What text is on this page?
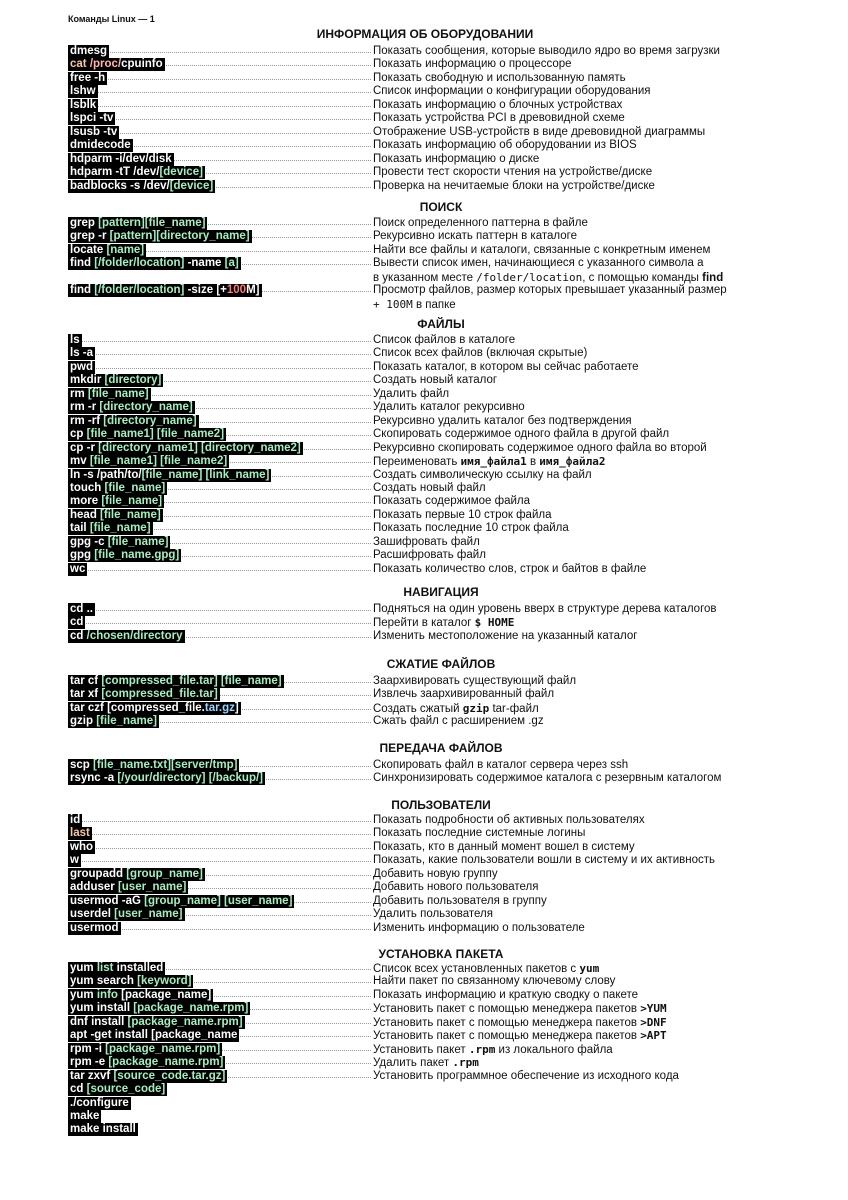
Команды Linux — 1
ИНФОРМАЦИЯ ОБ ОБОРУДОВАНИИ
dmesg	Показать сообщения, которые выводило ядро во время загрузки
cat /proc/cpuinfo	Показать информацию о процессоре
free -h	Показать свободную и использованную память
lshw	Список информации о конфигурации оборудования
lsblk	Показать информацию о блочных устройствах
lspci -tv	Показать устройства PCI в древовидной схеме
lsusb -tv	Отображение USB-устройств в виде древовидной диаграммы
dmidecode	Показать информацию об оборудовании из BIOS
hdparm -i/dev/disk	Показать информацию о диске
hdparm -tT /dev/[device]	Провести тест скорости чтения на устройстве/диске
badblocks -s /dev/[device]	Проверка на нечитаемые блоки на устройстве/диске
ПОИСК
grep [pattern][file_name]	Поиск определенного паттерна в файле
grep -r [pattern][directory_name]	Рекурсивно искать паттерн в каталоге
locate [name]	Найти все файлы и каталоги, связанные с конкретным именем
find [/folder/location] -name [a]	Вывести список имен, начинающиеся с указанного символа a
в указанном месте /folder/location, с помощью команды find
find [/folder/location] -size [+100M]	Просмотр файлов, размер которых превышает указанный размер
+ 100M в папке
ФАЙЛЫ
ls	Список файлов в каталоге
ls -a	Список всех файлов (включая скрытые)
pwd	Показать каталог, в котором вы сейчас работаете
mkdir [directory]	Создать новый каталог
rm [file_name]	Удалить файл
rm -r [directory_name]	Удалить каталог рекурсивно
rm -rf [directory_name]	Рекурсивно удалить каталог без подтверждения
cp [file_name1] [file_name2]	Скопировать содержимое одного файла в другой файл
cp -r [directory_name1] [directory_name2]	Рекурсивно скопировать содержимое одного файла во второй
mv [file_name1] [file_name2]	Переименовать имя_файла1 в имя_файла2
ln -s /path/to/[file_name] [link_name]	Создать символическую ссылку на файл
touch [file_name]	Создать новый файл
more [file_name]	Показать содержимое файла
head [file_name]	Показать первые 10 строк файла
tail [file_name]	Показать последние 10 строк файла
gpg -c [file_name]	Зашифровать файл
gpg [file_name.gpg]	Расшифровать файл
wc	Показать количество слов, строк и байтов в файле
НАВИГАЦИЯ
cd ..	Подняться на один уровень вверх в структуре дерева каталогов
cd	Перейти в каталог $ HOME
cd /chosen/directory	Изменить местоположение на указанный каталог
СЖАТИЕ ФАЙЛОВ
tar cf [compressed_file.tar] [file_name]	Заархивировать существующий файл
tar xf [compressed_file.tar]	Извлечь заархивированный файл
tar czf [compressed_file.tar.gz]	Создать сжатый gzip tar-файл
gzip [file_name]	Сжать файл с расширением .gz
ПЕРЕДАЧА ФАЙЛОВ
scp [file_name.txt][server/tmp]	Скопировать файл в каталог сервера через ssh
rsync -a [/your/directory] [/backup/]	Синхронизировать содержимое каталога с резервным каталогом
ПОЛЬЗОВАТЕЛИ
id	Показать подробности об активных пользователях
last	Показать последние системные логины
who	Показать, кто в данный момент вошел в систему
w	Показать, какие пользователи вошли в систему и их активность
groupadd [group_name]	Добавить новую группу
adduser [user_name]	Добавить нового пользователя
usermod -aG [group_name] [user_name]	Добавить пользователя в группу
userdel [user_name]	Удалить пользователя
usermod	Изменить информацию о пользователе
УСТАНОВКА ПАКЕТА
yum list installed	Список всех установленных пакетов с yum
yum search [keyword]	Найти пакет по связанному ключевому слову
yum info [package_name]	Показать информацию и краткую сводку о пакете
yum install [package_name.rpm]	Установить пакет с помощью менеджера пакетов >YUM
dnf install [package_name.rpm]	Установить пакет с помощью менеджера пакетов >DNF
apt -get install [package_name	Установить пакет с помощью менеджера пакетов >APT
rpm -i [package_name.rpm]	Установить пакет .rpm из локального файла
rpm -e [package_name.rpm]	Удалить пакет .rpm
tar zxvf [source_code.tar.gz]	Установить программное обеспечение из исходного кода
cd [source_code]
./configure
make
make install
